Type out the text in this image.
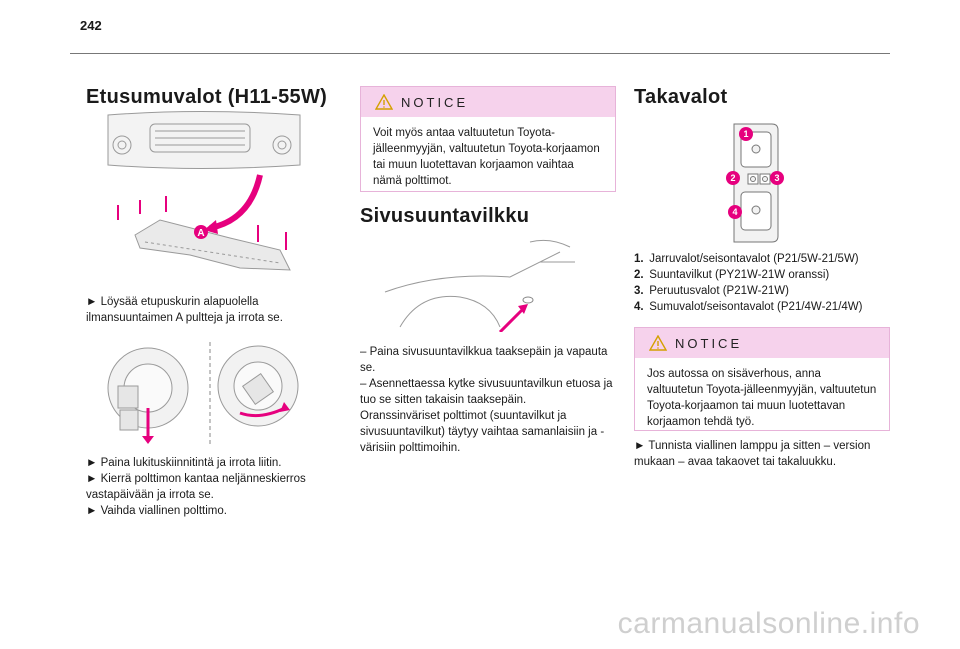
242
Etusumuvalot (H11-55W)
A
► Löysää etupuskurin alapuolella ilmansuuntaimen A pultteja ja irrota se.
► Paina lukituskiinnitintä ja irrota liitin.
► Kierrä polttimon kantaa neljänneskierros vastapäivään ja irrota se.
► Vaihda viallinen polttimo.
NOTICE
Voit myös antaa valtuutetun Toyota-jälleenmyyjän, valtuutetun Toyota-korjaamon tai muun luotettavan korjaamon vaihtaa nämä polttimot.
Sivusuuntavilkku
– Paina sivusuuntavilkkua taaksepäin ja vapauta se.
– Asennettaessa kytke sivusuuntavilkun etuosa ja tuo se sitten takaisin taaksepäin.
Oranssinväriset polttimot (suuntavilkut ja sivusuuntavilkut) täytyy vaihtaa samanlaisiin ja -värisiin polttimoihin.
Takavalot
1
2	3
4
1. Jarruvalot/seisontavalot (P21/5W-21/5W)
2. Suuntavilkut (PY21W-21W oranssi)
3. Peruutusvalot (P21W-21W)
4. Sumuvalot/seisontavalot (P21/4W-21/4W)
NOTICE
Jos autossa on sisäverhous, anna valtuutetun Toyota-jälleenmyyjän, valtuutetun Toyota-korjaamon tai muun luotettavan korjaamon tehdä työ.
► Tunnista viallinen lamppu ja sitten – version mukaan – avaa takaovet tai takaluukku.
carmanualsonline.info
